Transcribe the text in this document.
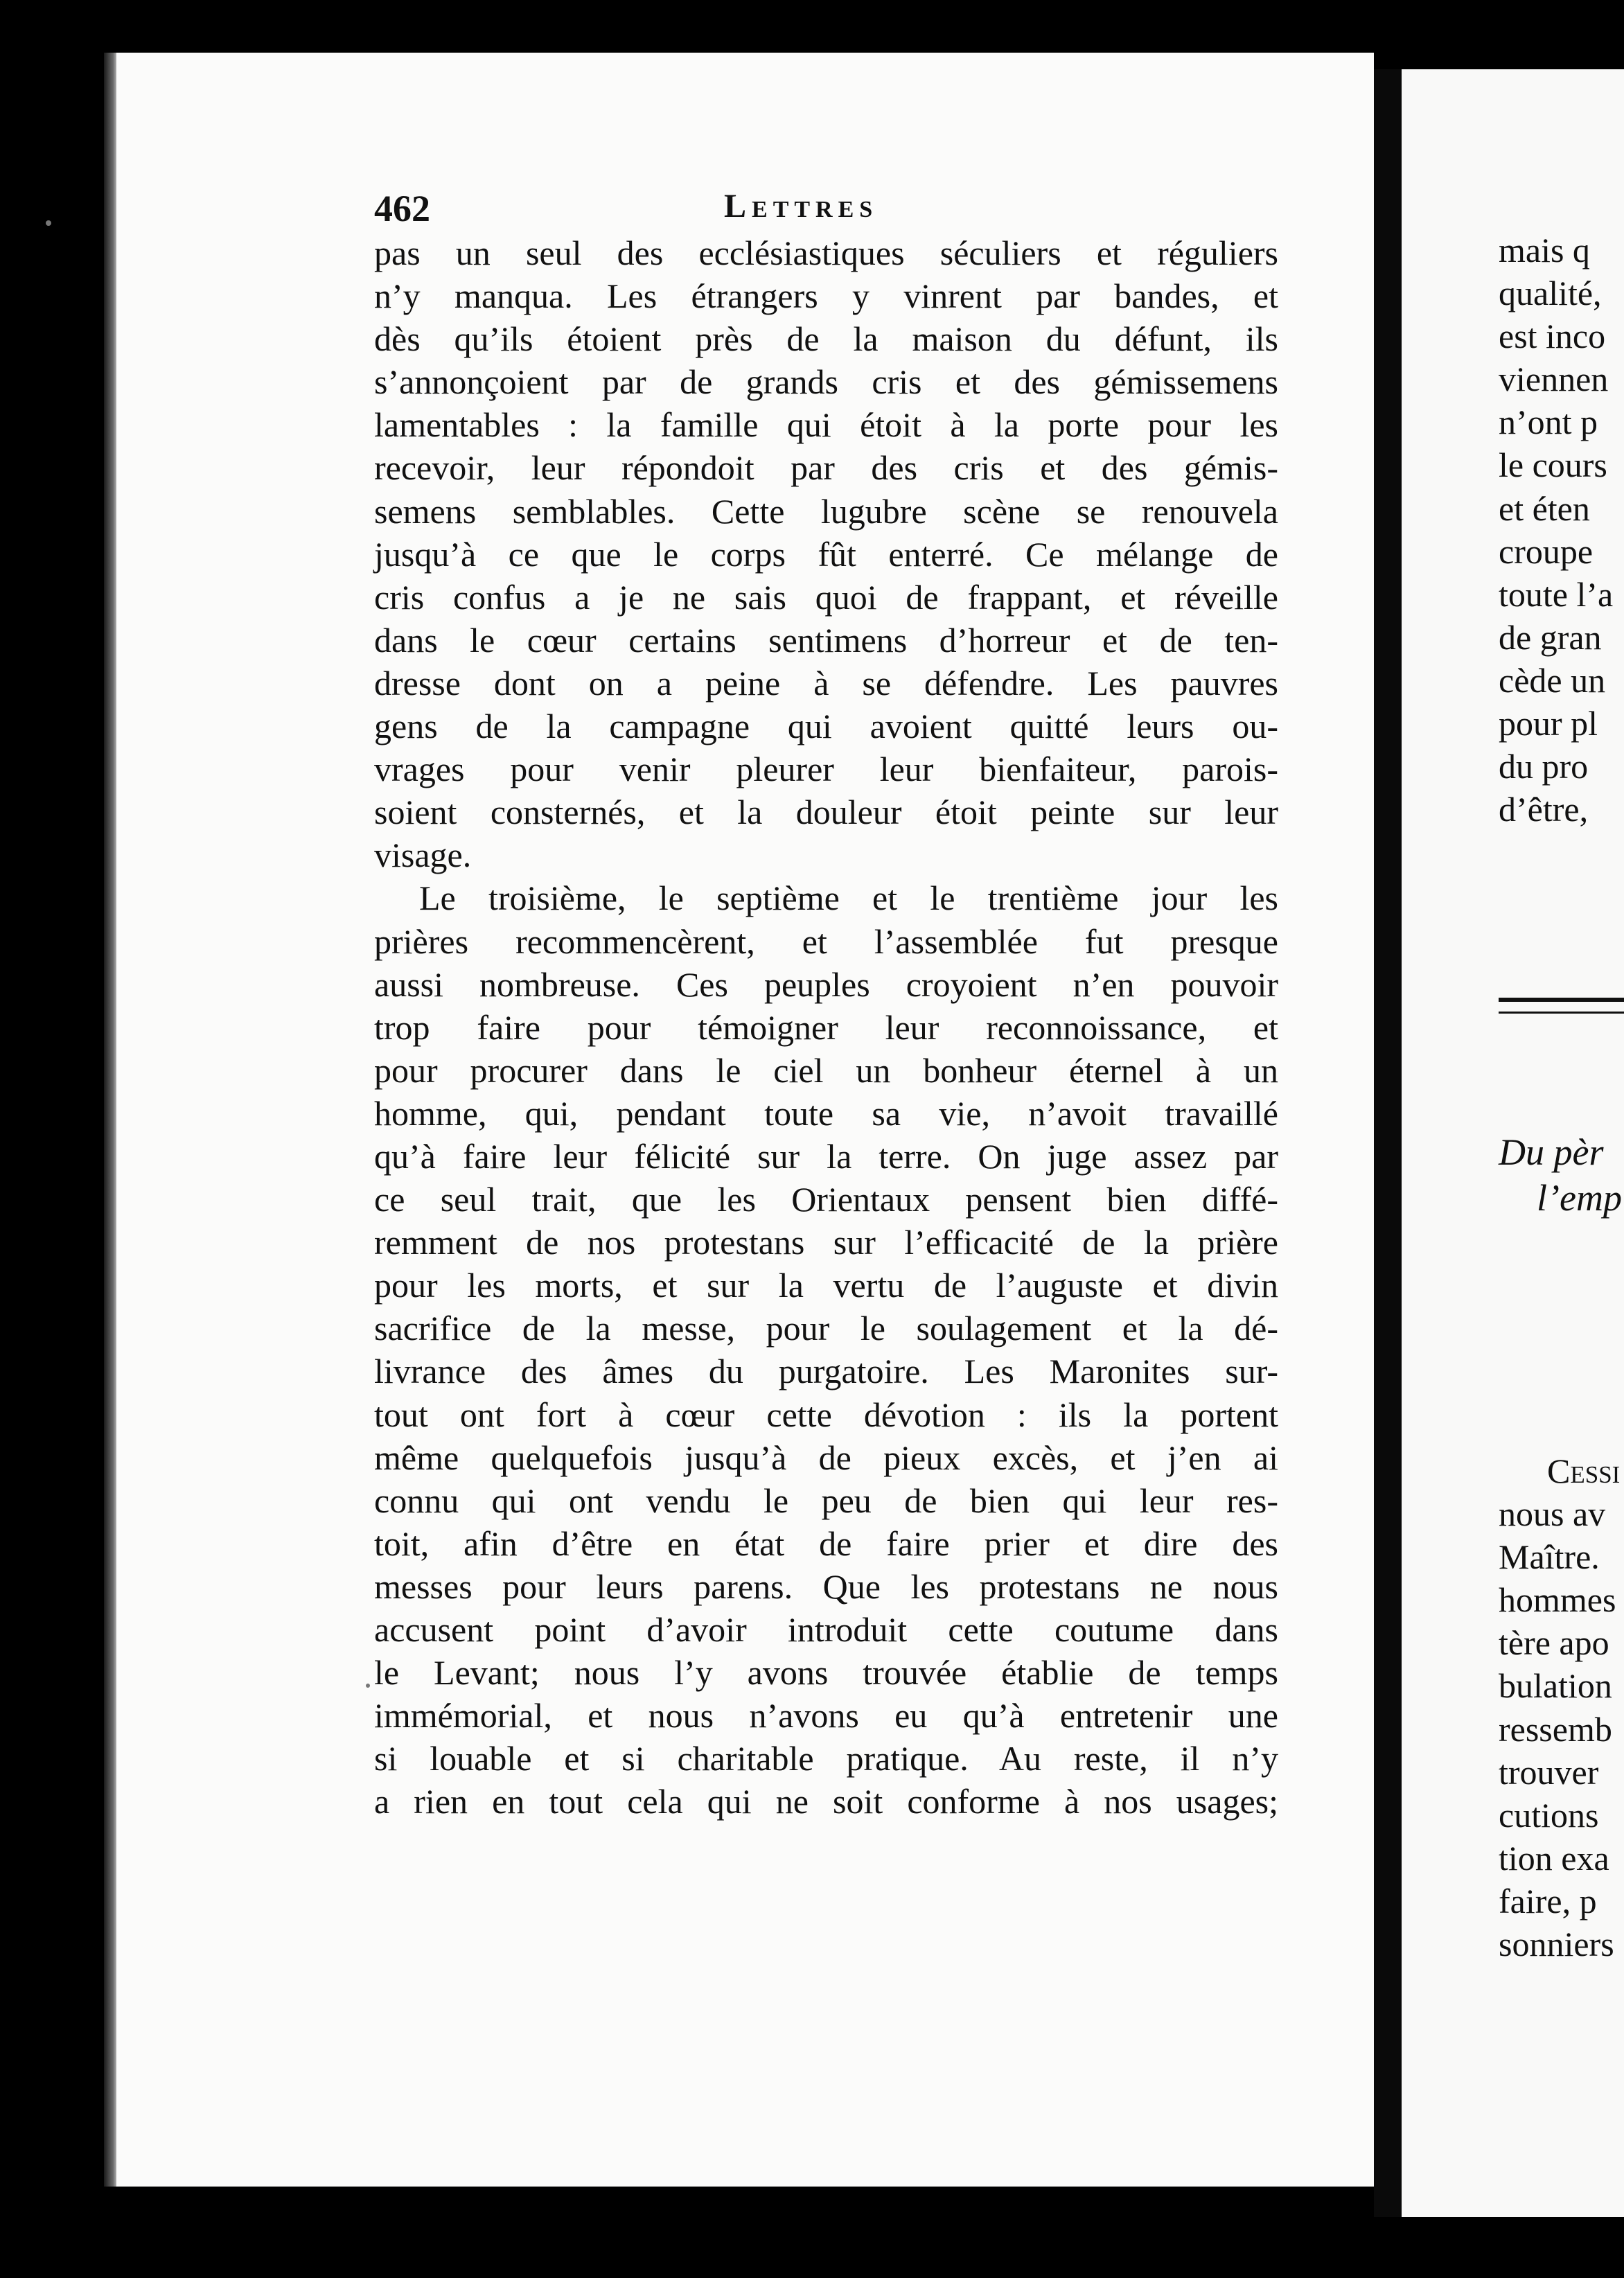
462	Lettres
pas un seul des ecclésiastiques séculiers et réguliers
n’y manqua. Les étrangers y vinrent par bandes, et
dès qu’ils étoient près de la maison du défunt, ils
s’annonçoient par de grands cris et des gémissemens
lamentables : la famille qui étoit à la porte pour les
recevoir, leur répondoit par des cris et des gémis-
semens semblables. Cette lugubre scène se renouvela
jusqu’à ce que le corps fût enterré. Ce mélange de
cris confus a je ne sais quoi de frappant, et réveille
dans le cœur certains sentimens d’horreur et de ten-
dresse dont on a peine à se défendre. Les pauvres
gens de la campagne qui avoient quitté leurs ou-
vrages pour venir pleurer leur bienfaiteur, parois-
soient consternés, et la douleur étoit peinte sur leur
visage.
Le troisième, le septième et le trentième jour les
prières recommencèrent, et l’assemblée fut presque
aussi nombreuse. Ces peuples croyoient n’en pouvoir
trop faire pour témoigner leur reconnoissance, et
pour procurer dans le ciel un bonheur éternel à un
homme, qui, pendant toute sa vie, n’avoit travaillé
qu’à faire leur félicité sur la terre. On juge assez par
ce seul trait, que les Orientaux pensent bien diffé-
remment de nos protestans sur l’efficacité de la prière
pour les morts, et sur la vertu de l’auguste et divin
sacrifice de la messe, pour le soulagement et la dé-
livrance des âmes du purgatoire. Les Maronites sur-
tout ont fort à cœur cette dévotion : ils la portent
même quelquefois jusqu’à de pieux excès, et j’en ai
connu qui ont vendu le peu de bien qui leur res-
toit, afin d’être en état de faire prier et dire des
messes pour leurs parens. Que les protestans ne nous
accusent point d’avoir introduit cette coutume dans
le Levant; nous l’y avons trouvée établie de temps
immémorial, et nous n’avons eu qu’à entretenir une
si louable et si charitable pratique. Au reste, il n’y
a rien en tout cela qui ne soit conforme à nos usages;
mais q
qualité,
est inco
viennen
n’ont p
le cours
et éten
croupe
toute l’a
de gran
cède un
pour pl
du pro
d’être,
Du pèr
l’emp
Cessi
nous av
Maître.
hommes
tère apo
bulation
ressemb
trouver
cutions
tion exa
faire, p
sonniers
